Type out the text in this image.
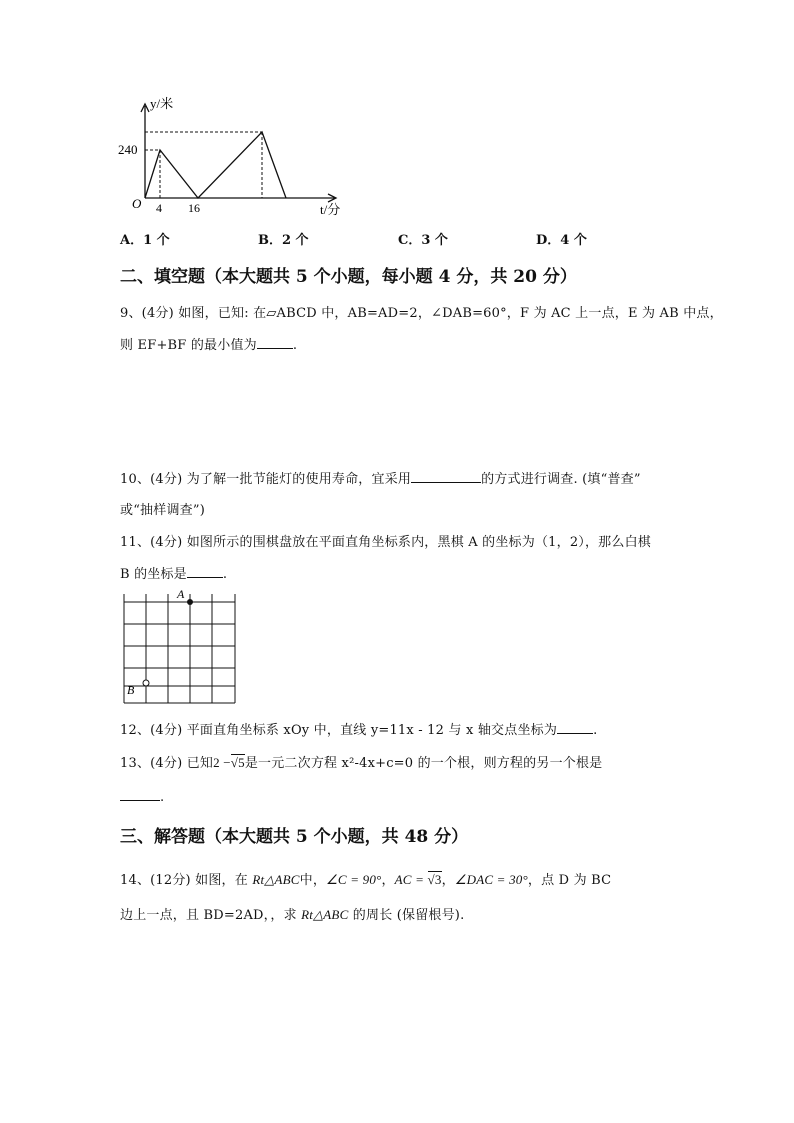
y/米
240
O 4 16	t/分
A．1 个	B．2 个	C．3 个	D．4 个
二、填空题（本大题共 5 个小题，每小题 4 分，共 20 分）
9、(4分) 如图，已知: 在▱ABCD 中，AB=AD=2，∠DAB=60°，F 为 AC 上一点，E 为 AB 中点，
则 EF+BF 的最小值为	.
10、(4分) 为了解一批节能灯的使用寿命，宜采用	的方式进行调查. (填“普查”
或“抽样调查”)
11、(4分) 如图所示的围棋盘放在平面直角坐标系内，黑棋 A 的坐标为（1，2），那么白棋
B 的坐标是	.
A
B
12、(4分) 平面直角坐标系 xOy 中，直线 y=11x - 12 与 x 轴交点坐标为	.
13、(4分) 已知2 −√5是一元二次方程 x²-4x+c=0 的一个根，则方程的另一个根是
.
三、解答题（本大题共 5 个小题，共 48 分）
14、(12分) 如图，在 Rt△ABC中，∠C = 90°，AC = √3，∠DAC = 30°，点 D 为 BC
边上一点，且 BD=2AD，，求 Rt△ABC 的周长 (保留根号).
